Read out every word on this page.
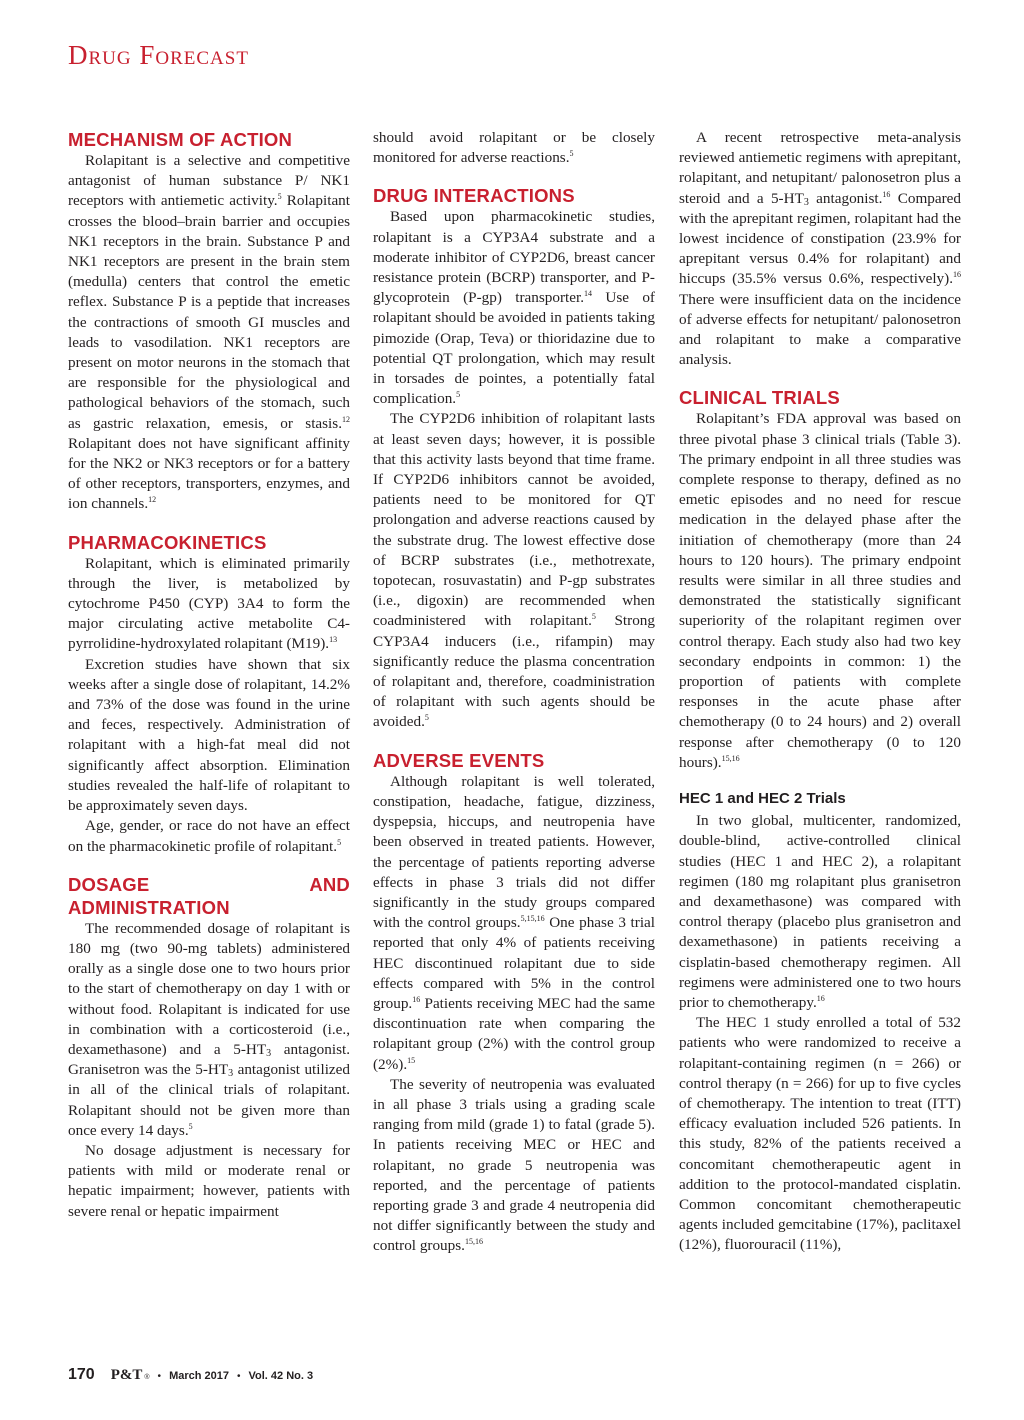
Drug Forecast
MECHANISM OF ACTION

Rolapitant is a selective and competitive antagonist of human substance P/ NK1 receptors with antiemetic activity.$^5$ Rolapitant crosses the blood–brain barrier and occupies NK1 receptors in the brain. Substance P and NK1 receptors are present in the brain stem (medulla) centers that control the emetic reflex. Substance P is a peptide that increases the contractions of smooth GI muscles and leads to vasodilation. NK1 receptors are present on motor neurons in the stomach that are responsible for the physiological and pathological behaviors of the stomach, such as gastric relaxation, emesis, or stasis.$^{12}$ Rolapitant does not have significant affinity for the NK2 or NK3 receptors or for a battery of other receptors, transporters, enzymes, and ion channels.$^{12}$

PHARMACOKINETICS

Rolapitant, which is eliminated primarily through the liver, is metabolized by cytochrome P450 (CYP) 3A4 to form the major circulating active metabolite C4-pyrrolidine-hydroxylated rolapitant (M19).$^{13}$

Excretion studies have shown that six weeks after a single dose of rolapitant, 14.2% and 73% of the dose was found in the urine and feces, respectively. Administration of rolapitant with a high-fat meal did not significantly affect absorption. Elimination studies revealed the half-life of rolapitant to be approximately seven days.

Age, gender, or race do not have an effect on the pharmacokinetic profile of rolapitant.$^5$

DOSAGE AND ADMINISTRATION

The recommended dosage of rolapitant is 180 mg (two 90-mg tablets) administered orally as a single dose one to two hours prior to the start of chemotherapy on day 1 with or without food. Rolapitant is indicated for use in combination with a corticosteroid (i.e., dexamethasone) and a $5-HT_3$ antagonist. Granisetron was the $5-HT_3$ antagonist utilized in all of the clinical trials of rolapitant. Rolapitant should not be given more than once every 14 days.$^5$

No dosage adjustment is necessary for patients with mild or moderate renal or hepatic impairment; however, patients with severe renal or hepatic impairment

should avoid rolapitant or be closely monitored for adverse reactions.$^5$

DRUG INTERACTIONS

Based upon pharmacokinetic studies, rolapitant is a CYP3A4 substrate and a moderate inhibitor of CYP2D6, breast cancer resistance protein (BCRP) transporter, and P-glycoprotein (P-gp) transporter.$^{14}$ Use of rolapitant should be avoided in patients taking pimozide (Orap, Teva) or thioridazine due to potential QT prolongation, which may result in torsades de pointes, a potentially fatal complication.$^5$

The CYP2D6 inhibition of rolapitant lasts at least seven days; however, it is possible that this activity lasts beyond that time frame. If CYP2D6 inhibitors cannot be avoided, patients need to be monitored for QT prolongation and adverse reactions caused by the substrate drug. The lowest effective dose of BCRP substrates (i.e., methotrexate, topotecan, rosuvastatin) and P-gp substrates (i.e., digoxin) are recommended when coadministered with rolapitant.$^5$ Strong CYP3A4 inducers (i.e., rifampin) may significantly reduce the plasma concentration of rolapitant and, therefore, coadministration of rolapitant with such agents should be avoided.$^5$

ADVERSE EVENTS

Although rolapitant is well tolerated, constipation, headache, fatigue, dizziness, dyspepsia, hiccups, and neutropenia have been observed in treated patients. However, the percentage of patients reporting adverse effects in phase 3 trials did not differ significantly in the study groups compared with the control groups.$^{5,15,16}$ One phase 3 trial reported that only 4% of patients receiving HEC discontinued rolapitant due to side effects compared with 5% in the control group.$^{16}$ Patients receiving MEC had the same discontinuation rate when comparing the rolapitant group (2%) with the control group (2%).$^{15}$

The severity of neutropenia was evaluated in all phase 3 trials using a grading scale ranging from mild (grade 1) to fatal (grade 5). In patients receiving MEC or HEC and rolapitant, no grade 5 neutropenia was reported, and the percentage of patients reporting grade 3 and grade 4 neutropenia did not differ significantly between the study and control groups.$^{15,16}$

A recent retrospective meta-analysis reviewed antiemetic regimens with aprepitant, rolapitant, and netupitant/ palonosetron plus a steroid and a $5-HT_3$ antagonist.$^{16}$ Compared with the aprepitant regimen, rolapitant had the lowest incidence of constipation (23.9% for aprepitant versus 0.4% for rolapitant) and hiccups (35.5% versus 0.6%, respectively).$^{16}$ There were insufficient data on the incidence of adverse effects for netupitant/ palonosetron and rolapitant to make a comparative analysis.

CLINICAL TRIALS

Rolapitant’s FDA approval was based on three pivotal phase 3 clinical trials (Table 3). The primary endpoint in all three studies was complete response to therapy, defined as no emetic episodes and no need for rescue medication in the delayed phase after the initiation of chemotherapy (more than 24 hours to 120 hours). The primary endpoint results were similar in all three studies and demonstrated the statistically significant superiority of the rolapitant regimen over control therapy. Each study also had two key secondary endpoints in common: 1) the proportion of patients with complete responses in the acute phase after chemotherapy (0 to 24 hours) and 2) overall response after chemotherapy (0 to 120 hours).$^{15,16}$

HEC 1 and HEC 2 Trials

In two global, multicenter, randomized, double-blind, active-controlled clinical studies (HEC 1 and HEC 2), a rolapitant regimen (180 mg rolapitant plus granisetron and dexamethasone) was compared with control therapy (placebo plus granisetron and dexamethasone) in patients receiving a cisplatin-based chemotherapy regimen. All regimens were administered one to two hours prior to chemotherapy.$^{16}$

The HEC 1 study enrolled a total of 532 patients who were randomized to receive a rolapitant-containing regimen (n = 266) or control therapy (n = 266) for up to five cycles of chemotherapy. The intention to treat (ITT) efficacy evaluation included 526 patients. In this study, 82% of the patients received a concomitant chemotherapeutic agent in addition to the protocol-mandated cisplatin. Common concomitant chemotherapeutic agents included gemcitabine (17%), paclitaxel (12%), fluorouracil (11%),

170 P&T ® • March 2017 • Vol. 42 No. 3
